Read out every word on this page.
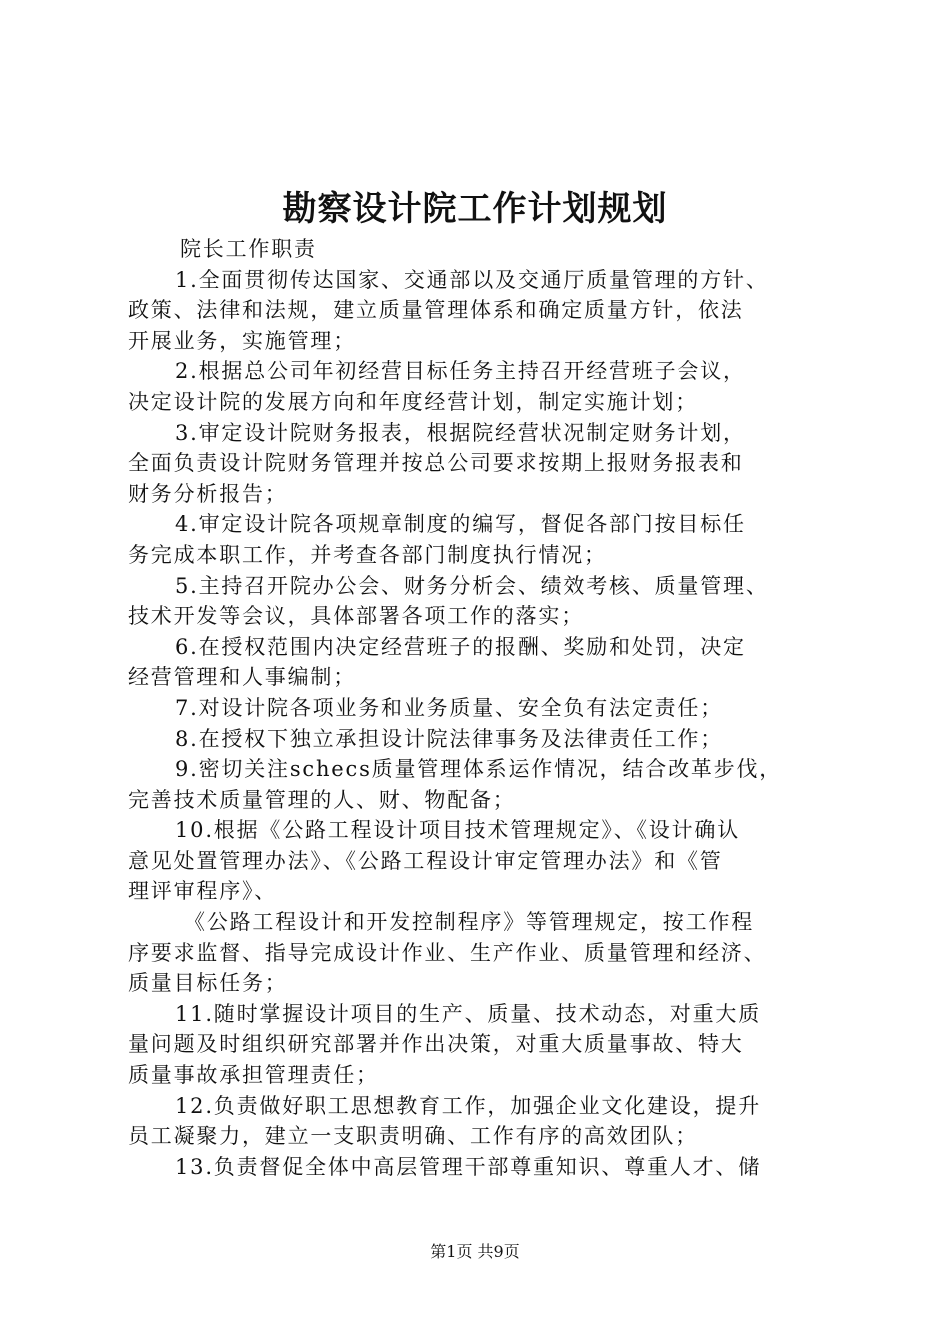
勘察设计院工作计划规划
院长工作职责
1.全面贯彻传达国家、交通部以及交通厅质量管理的方针、
政策、法律和法规，建立质量管理体系和确定质量方针，依法
开展业务，实施管理；
2.根据总公司年初经营目标任务主持召开经营班子会议，
决定设计院的发展方向和年度经营计划，制定实施计划；
3.审定设计院财务报表，根据院经营状况制定财务计划，
全面负责设计院财务管理并按总公司要求按期上报财务报表和
财务分析报告；
4.审定设计院各项规章制度的编写，督促各部门按目标任
务完成本职工作，并考查各部门制度执行情况；
5.主持召开院办公会、财务分析会、绩效考核、质量管理、
技术开发等会议，具体部署各项工作的落实；
6.在授权范围内决定经营班子的报酬、奖励和处罚，决定
经营管理和人事编制；
7.对设计院各项业务和业务质量、安全负有法定责任；
8.在授权下独立承担设计院法律事务及法律责任工作；
9.密切关注schecs质量管理体系运作情况，结合改革步伐，
完善技术质量管理的人、财、物配备；
10.根据《公路工程设计项目技术管理规定》、《设计确认
意见处置管理办法》、《公路工程设计审定管理办法》和《管
理评审程序》、
《公路工程设计和开发控制程序》等管理规定，按工作程
序要求监督、指导完成设计作业、生产作业、质量管理和经济、
质量目标任务；
11.随时掌握设计项目的生产、质量、技术动态，对重大质
量问题及时组织研究部署并作出决策，对重大质量事故、特大
质量事故承担管理责任；
12.负责做好职工思想教育工作，加强企业文化建设，提升
员工凝聚力，建立一支职责明确、工作有序的高效团队；
13.负责督促全体中高层管理干部尊重知识、尊重人才、储
第1页 共9页
